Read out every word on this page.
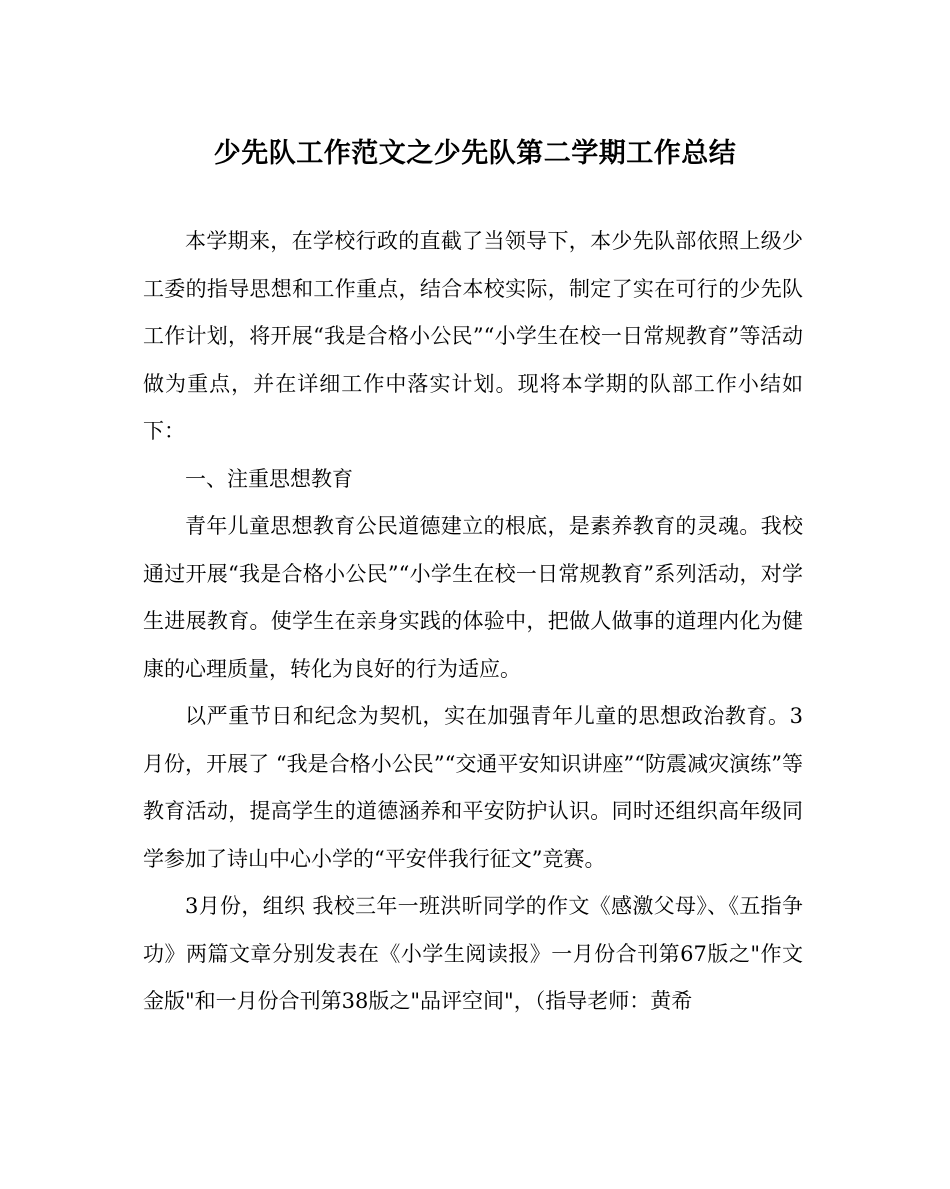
少先队工作范文之少先队第二学期工作总结

本学期来，在学校行政的直截了当领导下，本少先队部依照上级少工委的指导思想和工作重点，结合本校实际，制定了实在可行的少先队工作计划，将开展“我是合格小公民”“小学生在校一日常规教育”等活动做为重点，并在详细工作中落实计划。现将本学期的队部工作小结如下：

一、注重思想教育

青年儿童思想教育公民道德建立的根底，是素养教育的灵魂。我校通过开展“我是合格小公民”“小学生在校一日常规教育”系列活动，对学生进展教育。使学生在亲身实践的体验中，把做人做事的道理内化为健康的心理质量，转化为良好的行为适应。

以严重节日和纪念为契机，实在加强青年儿童的思想政治教育。3月份，开展了 “我是合格小公民”“交通平安知识讲座”“防震减灾演练”等教育活动，提高学生的道德涵养和平安防护认识。同时还组织高年级同学参加了诗山中心小学的“平安伴我行征文”竞赛。

3月份，组织 我校三年一班洪昕同学的作文《感激父母》、《五指争功》两篇文章分别发表在《小学生阅读报》一月份合刊第67版之"作文金版"和一月份合刊第38版之"品评空间"，（指导老师：黄希
